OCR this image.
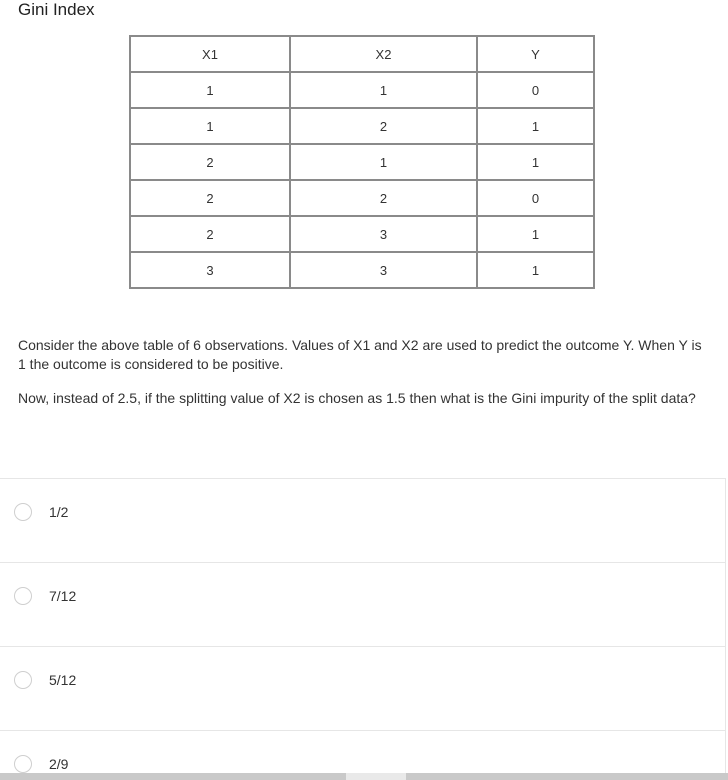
Gini Index
X1	X2	Y
1	1	0
1	2	1
2	1	1
2	2	0
2	3	1
3	3	1

Consider the above table of 6 observations. Values of X1 and X2 are used to predict the outcome Y. When Y is 1 the outcome is considered to be positive.

Now, instead of 2.5, if the splitting value of X2 is chosen as 1.5 then what is the Gini impurity of the split data?

1/2
7/12
5/12
2/9
